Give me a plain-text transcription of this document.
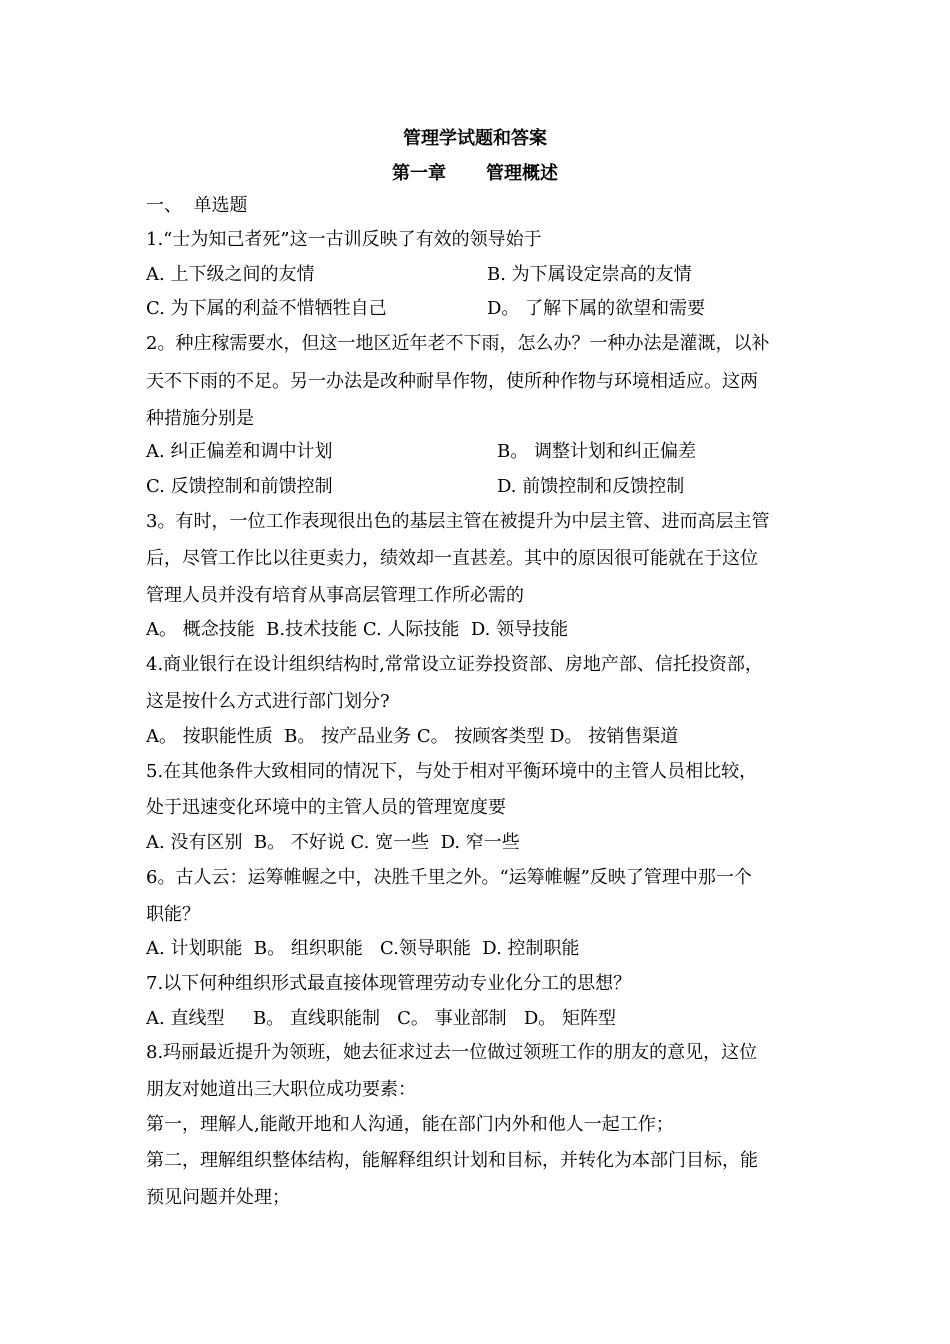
管理学试题和答案
第一章 管理概述
一、  单选题
1.“士为知己者死”这一古训反映了有效的领导始于
A. 上下级之间的友情	B. 为下属设定崇高的友情
C. 为下属的利益不惜牺牲自己	D。 了解下属的欲望和需要
2。种庄稼需要水，但这一地区近年老不下雨，怎么办？一种办法是灌溉，以补
天不下雨的不足。另一办法是改种耐旱作物，使所种作物与环境相适应。这两
种措施分别是
A. 纠正偏差和调中计划	B。 调整计划和纠正偏差
C. 反馈控制和前馈控制	D. 前馈控制和反馈控制
3。有时，一位工作表现很出色的基层主管在被提升为中层主管、进而高层主管
后，尽管工作比以往更卖力，绩效却一直甚差。其中的原因很可能就在于这位
管理人员并没有培育从事高层管理工作所必需的
A。 概念技能  B.技术技能 C. 人际技能  D. 领导技能
4.商业银行在设计组织结构时,常常设立证券投资部、房地产部、信托投资部，
这是按什么方式进行部门划分?
A。 按职能性质  B。 按产品业务 C。 按顾客类型 D。 按销售渠道
5.在其他条件大致相同的情况下，与处于相对平衡环境中的主管人员相比较，
处于迅速变化环境中的主管人员的管理宽度要
A. 没有区别  B。 不好说 C. 宽一些  D. 窄一些
6。古人云：运筹帷幄之中，决胜千里之外。“运筹帷幄”反映了管理中那一个
职能？
A. 计划职能  B。 组织职能   C.领导职能  D. 控制职能
7.以下何种组织形式最直接体现管理劳动专业化分工的思想？
A. 直线型     B。 直线职能制   C。 事业部制   D。 矩阵型
8.玛丽最近提升为领班，她去征求过去一位做过领班工作的朋友的意见，这位
朋友对她道出三大职位成功要素：
第一，理解人,能敞开地和人沟通，能在部门内外和他人一起工作；
第二，理解组织整体结构，能解释组织计划和目标，并转化为本部门目标，能
预见问题并处理；
